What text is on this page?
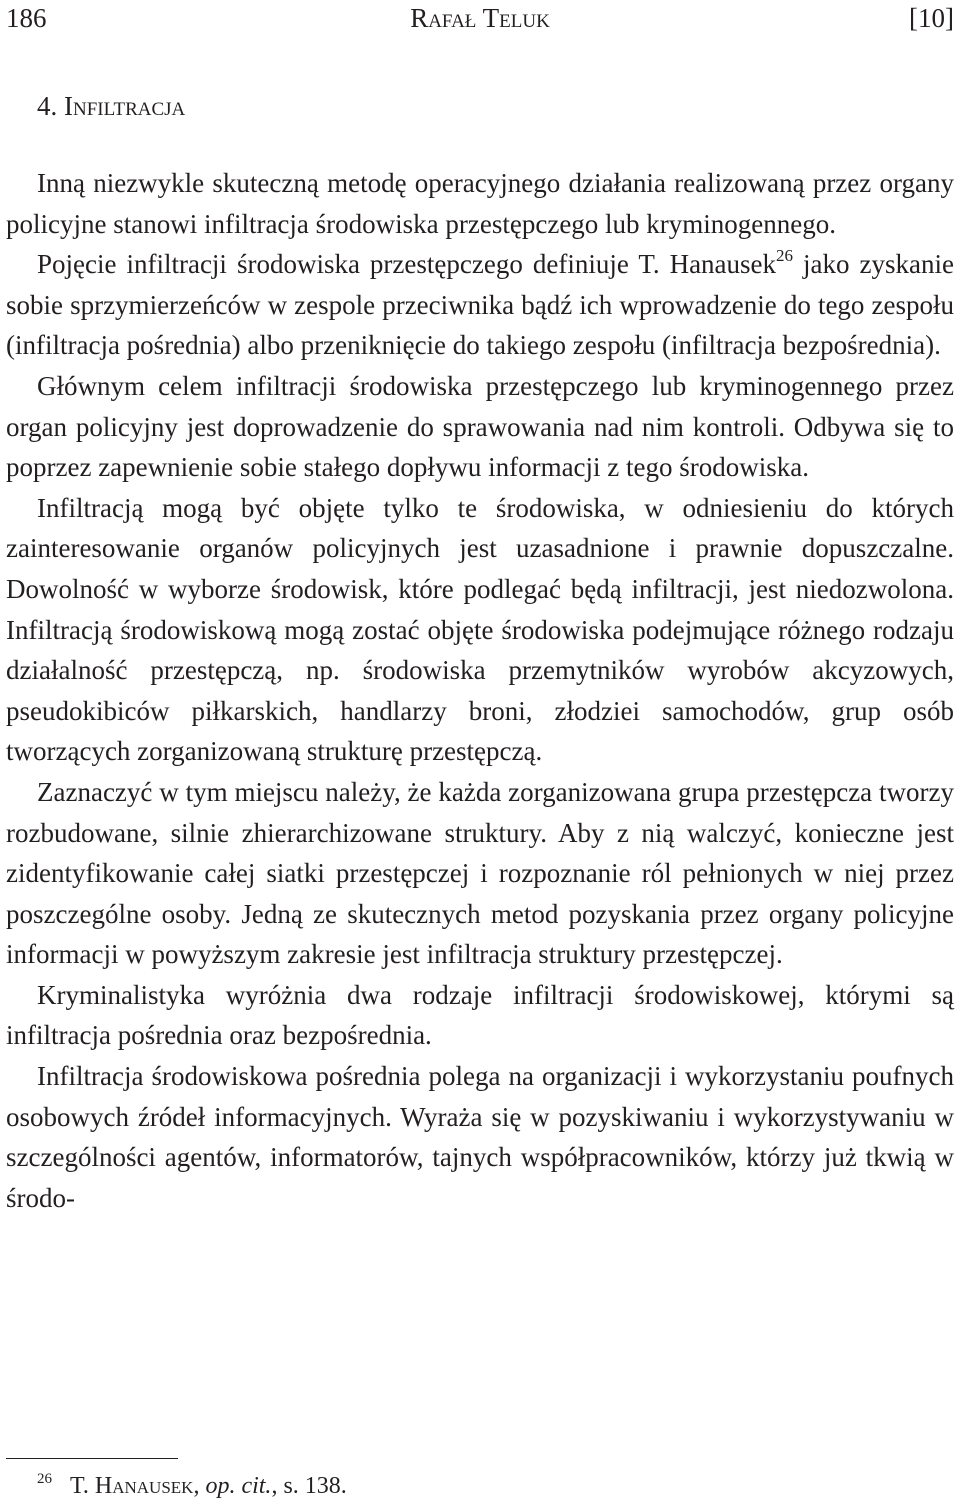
186	Rafał Teluk	[10]
4. Infiltracja

Inną niezwykle skuteczną metodę operacyjnego działania realizowaną przez organy policyjne stanowi infiltracja środowiska przestępczego lub kryminogennego.

Pojęcie infiltracji środowiska przestępczego definiuje T. Hanausek$^{26}$ jako zyskanie sobie sprzymierzeńców w zespole przeciwnika bądź ich wprowadzenie do tego zespołu (infiltracja pośrednia) albo przeniknięcie do takiego zespołu (infiltracja bezpośrednia).

Głównym celem infiltracji środowiska przestępczego lub kryminogennego przez organ policyjny jest doprowadzenie do sprawowania nad nim kontroli. Odbywa się to poprzez zapewnienie sobie stałego dopływu informacji z tego środowiska.

Infiltracją mogą być objęte tylko te środowiska, w odniesieniu do których zainteresowanie organów policyjnych jest uzasadnione i prawnie dopuszczalne. Dowolność w wyborze środowisk, które podlegać będą infiltracji, jest niedozwolona. Infiltracją środowiskową mogą zostać objęte środowiska podejmujące różnego rodzaju działalność przestępczą, np. środowiska przemytników wyrobów akcyzowych, pseudokibiców piłkarskich, handlarzy broni, złodziei samochodów, grup osób tworzących zorganizowaną strukturę przestępczą.

Zaznaczyć w tym miejscu należy, że każda zorganizowana grupa przestępcza tworzy rozbudowane, silnie zhierarchizowane struktury. Aby z nią walczyć, konieczne jest zidentyfikowanie całej siatki przestępczej i rozpoznanie ról pełnionych w niej przez poszczególne osoby. Jedną ze skutecznych metod pozyskania przez organy policyjne informacji w powyższym zakresie jest infiltracja struktury przestępczej.

Kryminalistyka wyróżnia dwa rodzaje infiltracji środowiskowej, którymi są infiltracja pośrednia oraz bezpośrednia.

Infiltracja środowiskowa pośrednia polega na organizacji i wykorzystaniu poufnych osobowych źródeł informacyjnych. Wyraża się w pozyskiwaniu i wykorzystywaniu w szczególności agentów, informatorów, tajnych współpracowników, którzy już tkwią w środo-

$^{26}$ T. Hanausek, op. cit., s. 138.
